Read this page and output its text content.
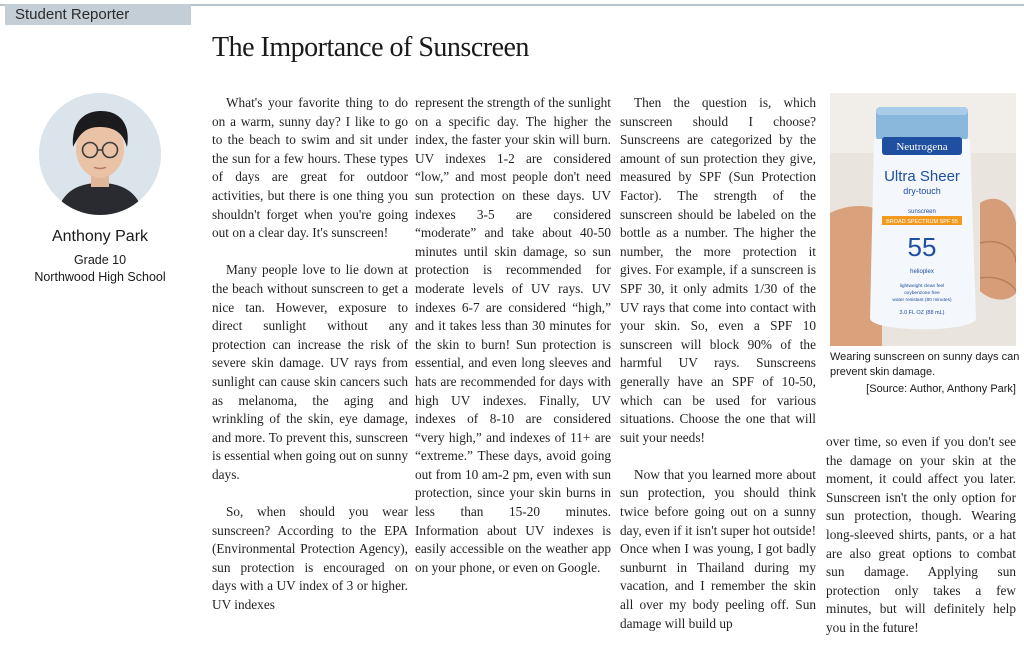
Student Reporter
The Importance of Sunscreen
Anthony Park
Grade 10
Northwood High School

What's your favorite thing to do on a warm, sunny day? I like to go to the beach to swim and sit under the sun for a few hours. These types of days are great for outdoor activities, but there is one thing you shouldn't forget when you're going out on a clear day. It's sunscreen!

Many people love to lie down at the beach without sunscreen to get a nice tan. However, exposure to direct sunlight without any protection can increase the risk of severe skin damage. UV rays from sunlight can cause skin cancers such as melanoma, the aging and wrinkling of the skin, eye damage, and more. To prevent this, sunscreen is essential when going out on sunny days.

So, when should you wear sunscreen? According to the EPA (Environmental Protection Agency), sun protection is encouraged on days with a UV index of 3 or higher. UV indexes

represent the strength of the sunlight on a specific day. The higher the index, the faster your skin will burn. UV indexes 1-2 are considered “low,” and most people don't need sun protection on these days. UV indexes 3-5 are considered “moderate” and take about 40-50 minutes until skin damage, so sun protection is recommended for moderate levels of UV rays. UV indexes 6-7 are considered “high,” and it takes less than 30 minutes for the skin to burn! Sun protection is essential, and even long sleeves and hats are recommended for days with high UV indexes. Finally, UV indexes of 8-10 are considered “very high,” and indexes of 11+ are “extreme.” These days, avoid going out from 10 am-2 pm, even with sun protection, since your skin burns in less than 15-20 minutes. Information about UV indexes is easily accessible on the weather app on your phone, or even on Google.

Then the question is, which sunscreen should I choose? Sunscreens are categorized by the amount of sun protection they give, measured by SPF (Sun Protection Factor). The strength of the sunscreen should be labeled on the bottle as a number. The higher the number, the more protection it gives. For example, if a sunscreen is SPF 30, it only admits 1/30 of the UV rays that come into contact with your skin. So, even a SPF 10 sunscreen will block 90% of the harmful UV rays. Sunscreens generally have an SPF of 10-50, which can be used for various situations. Choose the one that will suit your needs!

Now that you learned more about sun protection, you should think twice before going out on a sunny day, even if it isn't super hot outside! Once when I was young, I got badly sunburnt in Thailand during my vacation, and I remember the skin all over my body peeling off. Sun damage will build up

Neutrogena
Ultra Sheer
dry-touch
sunscreen
BROAD SPECTRUM SPF 55
55
helioplex
lightweight clean feel
oxybenzone free
water resistant (80 minutes)
3.0 FL OZ (88 mL)
Wearing sunscreen on sunny days can prevent skin damage.
[Source: Author, Anthony Park]

over time, so even if you don't see the damage on your skin at the moment, it could affect you later. Sunscreen isn't the only option for sun protection, though. Wearing long-sleeved shirts, pants, or a hat are also great options to combat sun damage. Applying sun protection only takes a few minutes, but will definitely help you in the future!
